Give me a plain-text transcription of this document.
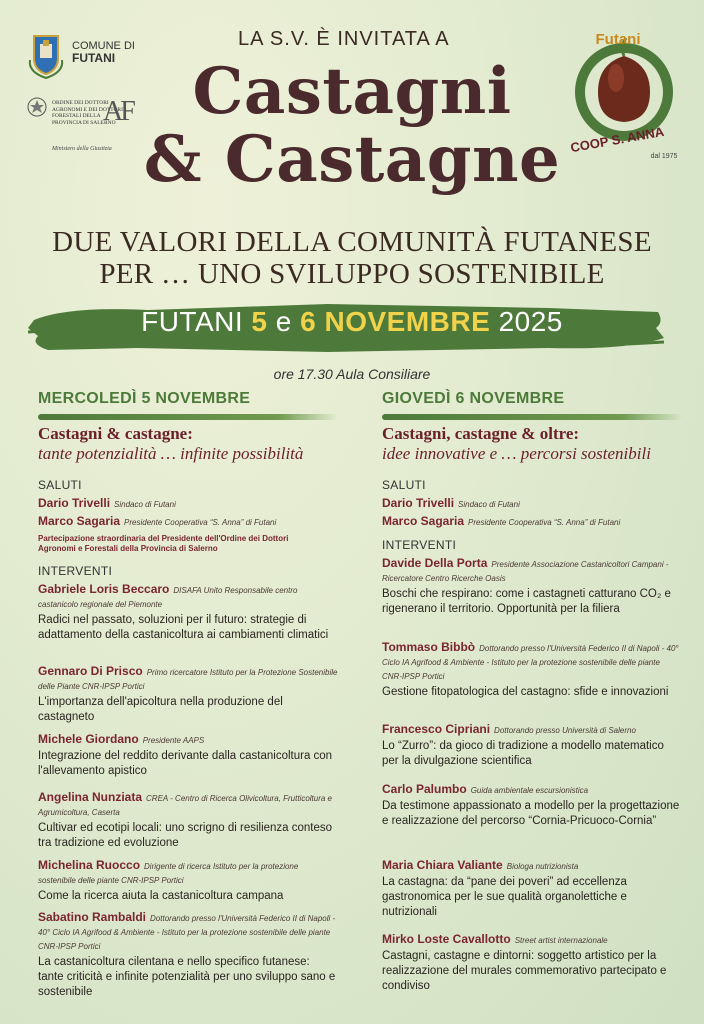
COMUNE DI
FUTANI
ORDINE DEI DOTTORI AGRONOMI E DEI DOTTORI FORESTALI DELLA PROVINCIA DI SALERNO
AF
Ministero della Giustizia
LA S.V. È INVITATA A
Castagni
& Castagne
Futani
COOP S. ANNA
dal 1975
DUE VALORI DELLA COMUNITÀ FUTANESE
PER … UNO SVILUPPO SOSTENIBILE
FUTANI 5 e 6 NOVEMBRE 2025
ore 17.30 Aula Consiliare
MERCOLEDÌ 5 NOVEMBRE
Castagni & castagne:
tante potenzialità … infinite possibilità
SALUTI
Dario Trivelli Sindaco di Futani
Marco Sagaria Presidente Cooperativa “S. Anna” di Futani
Partecipazione straordinaria del Presidente dell'Ordine dei Dottori Agronomi e Forestali della Provincia di Salerno
INTERVENTI
Gabriele Loris Beccaro DISAFA Unito Responsabile centro castanicolo regionale del Piemonte
Radici nel passato, soluzioni per il futuro: strategie di adattamento della castanicoltura ai cambiamenti climatici
Gennaro Di Prisco Primo ricercatore Istituto per la Protezione Sostenibile delle Piante CNR-IPSP Portici
L'importanza dell'apicoltura nella produzione del castagneto
Michele Giordano Presidente AAPS
Integrazione del reddito derivante dalla castanicoltura con l'allevamento apistico
Angelina Nunziata CREA - Centro di Ricerca Olivicoltura, Frutticoltura e Agrumicoltura, Caserta
Cultivar ed ecotipi locali: uno scrigno di resilienza conteso tra tradizione ed evoluzione
Michelina Ruocco Dirigente di ricerca Istituto per la protezione sostenibile delle piante CNR-IPSP Portici
Come la ricerca aiuta la castanicoltura campana
Sabatino Rambaldi Dottorando presso l'Università Federico II di Napoli - 40° Ciclo IA Agrifood & Ambiente - Istituto per la protezione sostenibile delle piante CNR-IPSP Portici
La castanicoltura cilentana e nello specifico futanese: tante criticità e infinite potenzialità per uno sviluppo sano e sostenibile
GIOVEDÌ 6 NOVEMBRE
Castagni, castagne & oltre:
idee innovative e … percorsi sostenibili
SALUTI
Dario Trivelli Sindaco di Futani
Marco Sagaria Presidente Cooperativa “S. Anna” di Futani
INTERVENTI
Davide Della Porta Presidente Associazione Castanicoltori Campani - Ricercatore Centro Ricerche Oasis
Boschi che respirano: come i castagneti catturano CO₂ e rigenerano il territorio. Opportunità per la filiera
Tommaso Bibbò Dottorando presso l'Università Federico II di Napoli - 40° Ciclo IA Agrifood & Ambiente - Istituto per la protezione sostenibile delle piante CNR-IPSP Portici
Gestione fitopatologica del castagno: sfide e innovazioni
Francesco Cipriani Dottorando presso Università di Salerno
Lo “Zurro”: da gioco di tradizione a modello matematico per la divulgazione scientifica
Carlo Palumbo Guida ambientale escursionistica
Da testimone appassionato a modello per la progettazione e realizzazione del percorso “Cornia-Pricuoco-Cornia”
Maria Chiara Valiante Biologa nutrizionista
La castagna: da “pane dei poveri” ad eccellenza gastronomica per le sue qualità organolettiche e nutrizionali
Mirko Loste Cavallotto Street artist internazionale
Castagni, castagne e dintorni: soggetto artistico per la realizzazione del murales commemorativo partecipato e condiviso
